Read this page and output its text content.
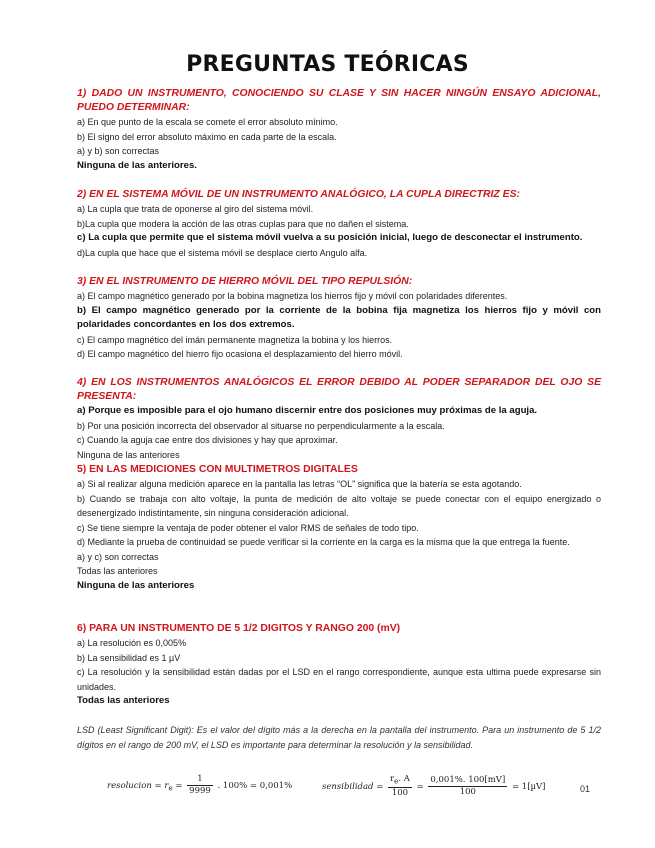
PREGUNTAS TEÓRICAS
1) DADO UN INSTRUMENTO, CONOCIENDO SU CLASE Y SIN HACER NINGÚN ENSAYO ADICIONAL, PUEDO DETERMINAR:
a) En que punto de la escala se comete el error absoluto mínimo.
b) El signo del error absoluto máximo en cada parte de la escala.
a) y b) son correctas
Ninguna de las anteriores.
2) EN EL SISTEMA MÓVIL DE UN INSTRUMENTO ANALÓGICO, LA CUPLA DIRECTRIZ ES:
a) La cupla que trata de oponerse al giro del sistema móvil.
b)La cupla que modera la acción de las otras cuplas para que no dañen el sistema.
c) La cupla que permite que el sistema móvil vuelva a su posición inicial, luego de desconectar el instrumento.
d)La cupla que hace que el sistema móvil se desplace cierto Angulo alfa.
3) EN EL INSTRUMENTO DE HIERRO MÓVIL DEL TIPO REPULSIÓN:
a) El campo magnético generado por la bobina magnetiza los hierros fijo y móvil con polaridades diferentes.
b) El campo magnético generado por la corriente de la bobina fija magnetiza los hierros fijo y móvil con polaridades concordantes en los dos extremos.
c) El campo magnético del imán permanente magnetiza la bobina y los hierros.
d) El campo magnético del hierro fijo ocasiona el desplazamiento del hierro móvil.
4) EN LOS INSTRUMENTOS ANALÓGICOS EL ERROR DEBIDO AL PODER SEPARADOR DEL OJO SE PRESENTA:
a) Porque es imposible para el ojo humano discernir entre dos posiciones muy próximas de la aguja.
b) Por una posición incorrecta del observador al situarse no perpendicularmente a la escala.
c) Cuando la aguja cae entre dos divisiones y hay que aproximar.
Ninguna de las anteriores
5) EN LAS MEDICIONES CON MULTIMETROS DIGITALES
a) Si al realizar alguna medición aparece en la pantalla las letras “OL” significa que la batería se esta agotando.
b) Cuando se trabaja con alto voltaje, la punta de medición de alto voltaje se puede conectar con el equipo energizado o desenergizado indistintamente, sin ninguna consideración adicional.
c) Se tiene siempre la ventaja de poder obtener el valor RMS de señales de todo tipo.
d) Mediante la prueba de continuidad se puede verificar si la corriente en la carga es la misma que la que entrega la fuente.
a) y c) son correctas
Todas las anteriores
Ninguna de las anteriores
6) PARA UN INSTRUMENTO DE 5 1/2 DIGITOS Y RANGO 200 (mV)
a) La resolución es 0,005%
b) La sensibilidad es 1 µV
c) La resolución y la sensibilidad están dadas por el LSD en el rango correspondiente, aunque esta ultima puede expresarse sin unidades.
Todas las anteriores
LSD (Least Significant Digit): Es el valor del dígito más a la derecha en la pantalla del instrumento. Para un instrumento de 5 1/2 dígitos en el rango de 200 mV, el LSD es importante para determinar la resolución y la sensibilidad.
resolucion = $r_e = \frac{1}{9999}$ . 100% = 0,001%	sensibilidad = $\frac{r_e. A}{100} = \frac{0,001\%. 100[mV]}{100} = 1[\mu V]$	01
